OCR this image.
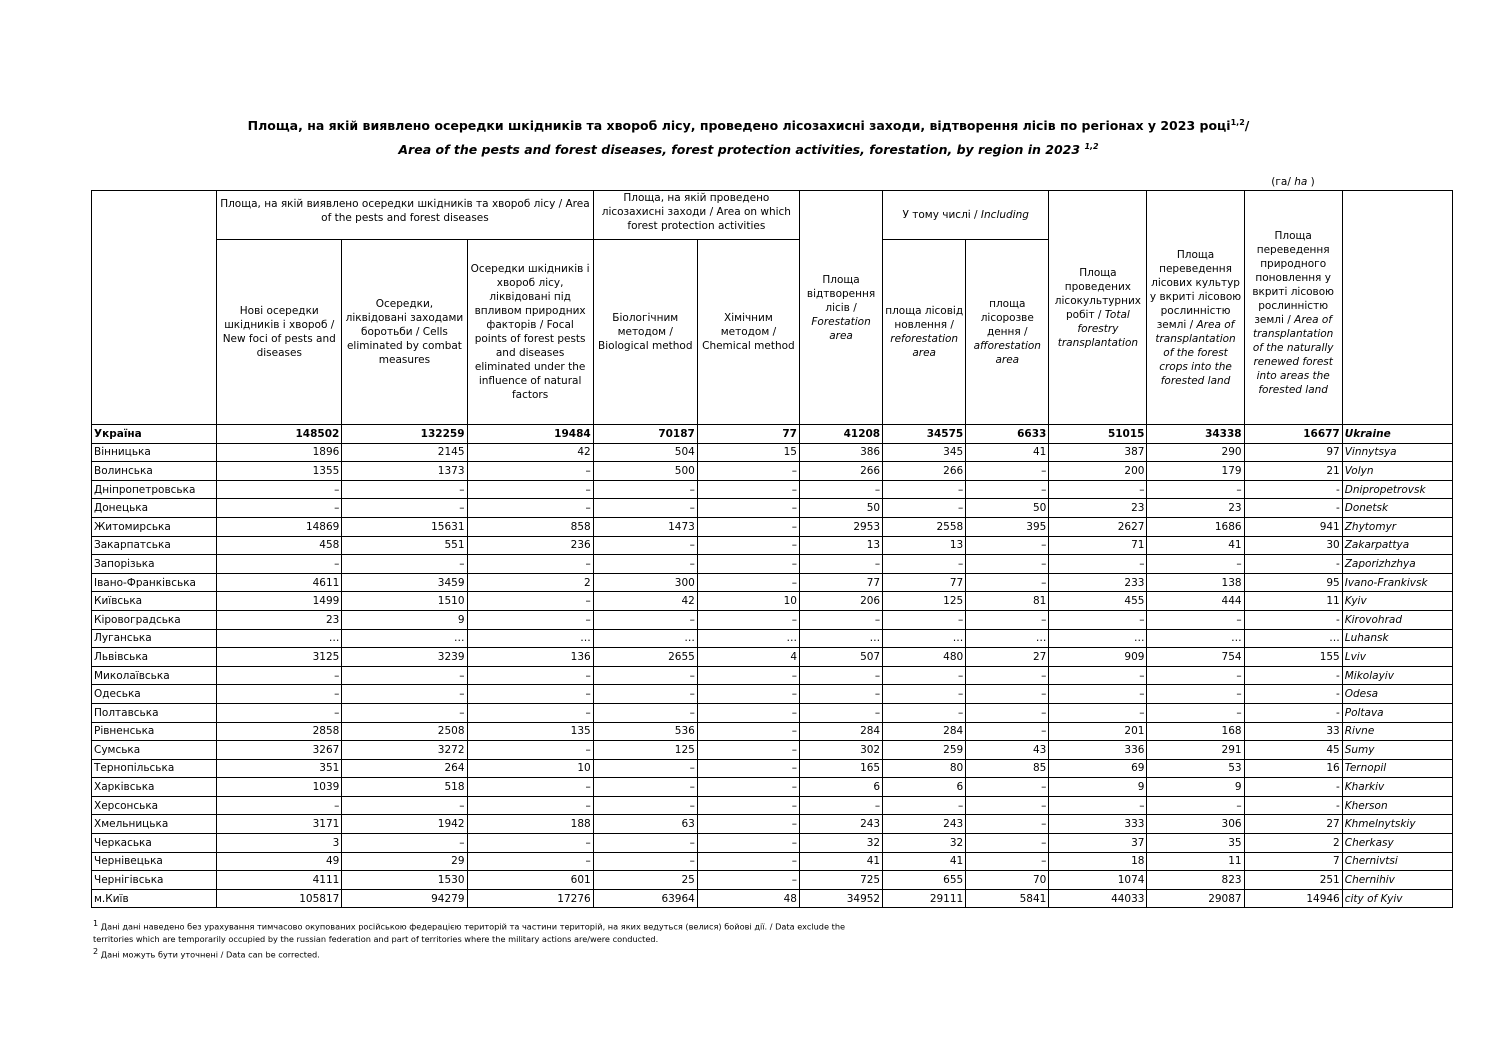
Площа, на якій виявлено осередки шкідників та хвороб лісу, проведено лісозахисні заходи, відтворення лісів по регіонах у 2023 році$^{1,2}$/
Area of the pests and forest diseases, forest protection activities, forestation, by region in 2023 $^{1,2}$
(га/ ha )
	Площа, на якій виявлено осередки шкідників та хвороб лісу / Area of the pests and forest diseases			Площа, на якій проведено лісозахисні заходи / Area on which forest protection activities		Площа відтворення лісів / Forestation area	У тому числі / Including		Площа проведених лісокультурних робіт / Total forestry transplantation	Площа переведення лісових культур у вкриті лісовою рослинністю землі / Area of transplantation of the forest crops into the forested land	Площа переведення природного поновлення у вкриті лісовою рослинністю землі / Area of transplantation of the naturally renewed forest into areas the forested land	
	Нові осередки шкідників і хвороб / New foci of pests and diseases	Осередки, ліквідовані заходами боротьби / Cells eliminated by combat measures	Осередки шкідників і хвороб лісу, ліквідовані під впливом природних факторів / Focal points of forest pests and diseases eliminated under the influence of natural factors	Біологічним методом / Biological method	Хімічним методом / Chemical method		площа лісовід новлення / reforestation area	площа лісорозве дення / afforestation area				
Україна	148502	132259	19484	70187	77	41208	34575	6633	51015	34338	16677	Ukraine
Вінницька	1896	2145	42	504	15	386	345	41	387	290	97	Vinnytsya
Волинська	1355	1373	–	500	–	266	266	–	200	179	21	Volyn
Дніпропетровська	–	–	–	–	–	–	–	–	–	–	-	Dnipropetrovsk
Донецька	–	–	–	–	–	50	–	50	23	23	-	Donetsk
Житомирська	14869	15631	858	1473	–	2953	2558	395	2627	1686	941	Zhytomyr
Закарпатська	458	551	236	–	–	13	13	–	71	41	30	Zakarpattya
Запорізька	–	–	–	–	–	–	–	–	–	–	-	Zaporizhzhya
Івано-Франківська	4611	3459	2	300	–	77	77	–	233	138	95	Ivano-Frankivsk
Київська	1499	1510	–	42	10	206	125	81	455	444	11	Kyiv
Кіровоградська	23	9	–	–	–	–	–	–	–	–	-	Kirovohrad
Луганська	…	…	…	…	…	…	…	…	…	…	…	Luhansk
Львівська	3125	3239	136	2655	4	507	480	27	909	754	155	Lviv
Миколаївська	–	–	–	–	–	–	–	–	–	–	-	Mikolayiv
Одеська	–	–	–	–	–	–	–	–	–	–	-	Odesa
Полтавська	–	–	–	–	–	–	–	–	–	–	-	Poltava
Рівненська	2858	2508	135	536	–	284	284	–	201	168	33	Rivne
Сумська	3267	3272	–	125	–	302	259	43	336	291	45	Sumy
Тернопільська	351	264	10	–	–	165	80	85	69	53	16	Ternopil
Харківська	1039	518	–	–	–	6	6	–	9	9	-	Kharkiv
Херсонська	–	–	–	–	–	–	–	–	–	–	-	Kherson
Хмельницька	3171	1942	188	63	–	243	243	–	333	306	27	Khmelnytskiy
Черкаська	3	–	–	–	–	32	32	–	37	35	2	Cherkasy
Чернівецька	49	29	–	–	–	41	41	–	18	11	7	Chernivtsi
Чернігівська	4111	1530	601	25	–	725	655	70	1074	823	251	Chernihiv
м.Київ	105817	94279	17276	63964	48	34952	29111	5841	44033	29087	14946	city of Kyiv
$^1$ Дані дані наведено без урахування тимчасово окупованих російською федерацією територій та частини територій, на яких ведуться (велися) бойові дії. / Data exclude the
territories which are temporarily occupied by the russian federation and part of territories where the military actions are/were conducted.
$^2$ Дані можуть бути уточнені / Data can be corrected.
